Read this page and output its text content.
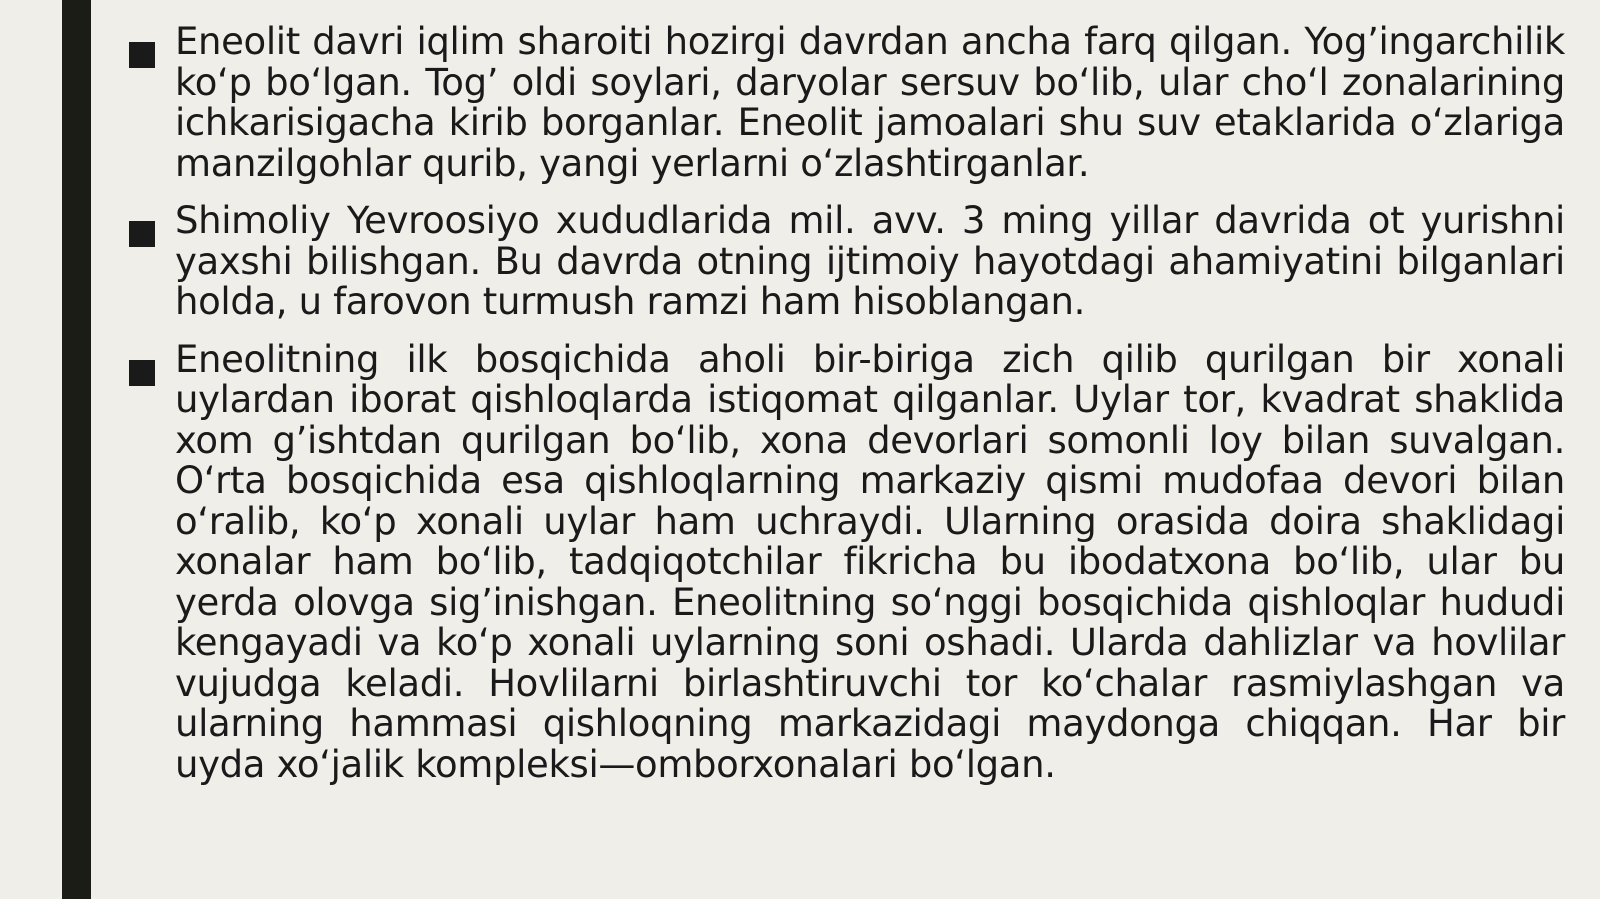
Eneolit davri iqlim sharoiti hozirgi davrdan ancha farq qilgan. Yog’ingarchilik ko‘p bo‘lgan. Tog’ oldi soylari, daryolar sersuv bo‘lib, ular cho‘l zonalarining ichkarisigacha kirib borganlar. Eneolit jamoalari shu suv etaklarida o‘zlariga manzilgohlar qurib, yangi yerlarni o‘zlashtirganlar.

Shimoliy Yevroosiyo xududlarida mil. avv. 3 ming yillar davrida ot yurishni yaxshi bilishgan. Bu davrda otning ijtimoiy hayotdagi ahamiyatini bilganlari holda, u farovon turmush ramzi ham hisoblangan.

Eneolitning ilk bosqichida aholi bir-biriga zich qilib qurilgan bir xonali uylardan iborat qishloqlarda istiqomat qilganlar. Uylar tor, kvadrat shaklida xom g’ishtdan qurilgan bo‘lib, xona devorlari somonli loy bilan suvalgan. O‘rta bosqichida esa qishloqlarning markaziy qismi mudofaa devori bilan o‘ralib, ko‘p xonali uylar ham uchraydi. Ularning orasida doira shaklidagi xonalar ham bo‘lib, tadqiqotchilar fikricha bu ibodatxona bo‘lib, ular bu yerda olovga sig’inishgan. Eneolitning so‘nggi bosqichida qishloqlar hududi kengayadi va ko‘p xonali uylarning soni oshadi. Ularda dahlizlar va hovlilar vujudga keladi. Hovlilarni birlashtiruvchi tor ko‘chalar rasmiylashgan va ularning hammasi qishloqning markazidagi maydonga chiqqan. Har bir uyda xo‘jalik kompleksi—omborxonalari bo‘lgan.
